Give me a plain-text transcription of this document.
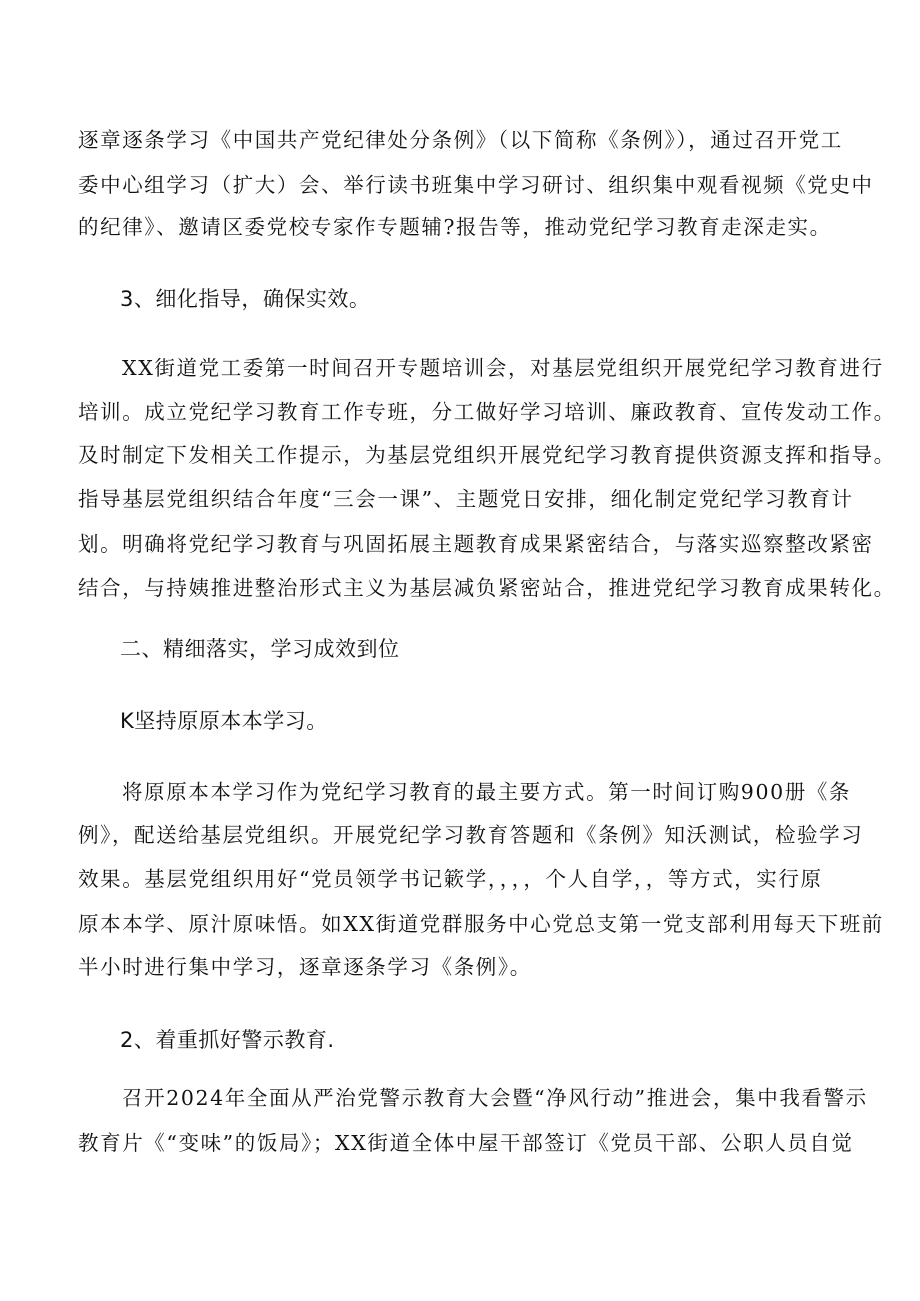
逐章逐条学习《中国共产党纪律处分条例》（以下简称《条例》），通过召开党工
委中心组学习（扩大）会、举行读书班集中学习研讨、组织集中观看视频《党史中
的纪律》、邀请区委党校专家作专题辅?报告等，推动党纪学习教育走深走实。
3、细化指导，确保实效。
XX街道党工委第一时间召开专题培训会，对基层党组织开展党纪学习教育进行
培训。成立党纪学习教育工作专班，分工做好学习培训、廉政教育、宣传发动工作。
及时制定下发相关工作提示，为基层党组织开展党纪学习教育提供资源支挥和指导。
指导基层党组织结合年度“三会一课”、主题党日安排，细化制定党纪学习教育计
划。明确将党纪学习教育与巩固拓展主题教育成果紧密结合，与落实巡察整改紧密
结合，与持姨推进整治形式主义为基层减负紧密站合，推进党纪学习教育成果转化。
二、精细落实，学习成效到位
K坚持原原本本学习。
将原原本本学习作为党纪学习教育的最主要方式。第一时间订购900册《条
例》，配送给基层党组织。开展党纪学习教育答题和《条例》知沃测试，检验学习
效果。基层党组织用好“党员领学书记簌学，，，，个人自学，，等方式，实行原
原本本学、原汁原味悟。如XX街道党群服务中心党总支第一党支部利用每天下班前
半小时进行集中学习，逐章逐条学习《条例》。
2、着重抓好警示教育.
召开2024年全面从严治党警示教育大会暨“净风行动”推进会，集中我看警示
教育片《“变味”的饭局》；XX街道全体中屋干部签订《党员干部、公职人员自觉
